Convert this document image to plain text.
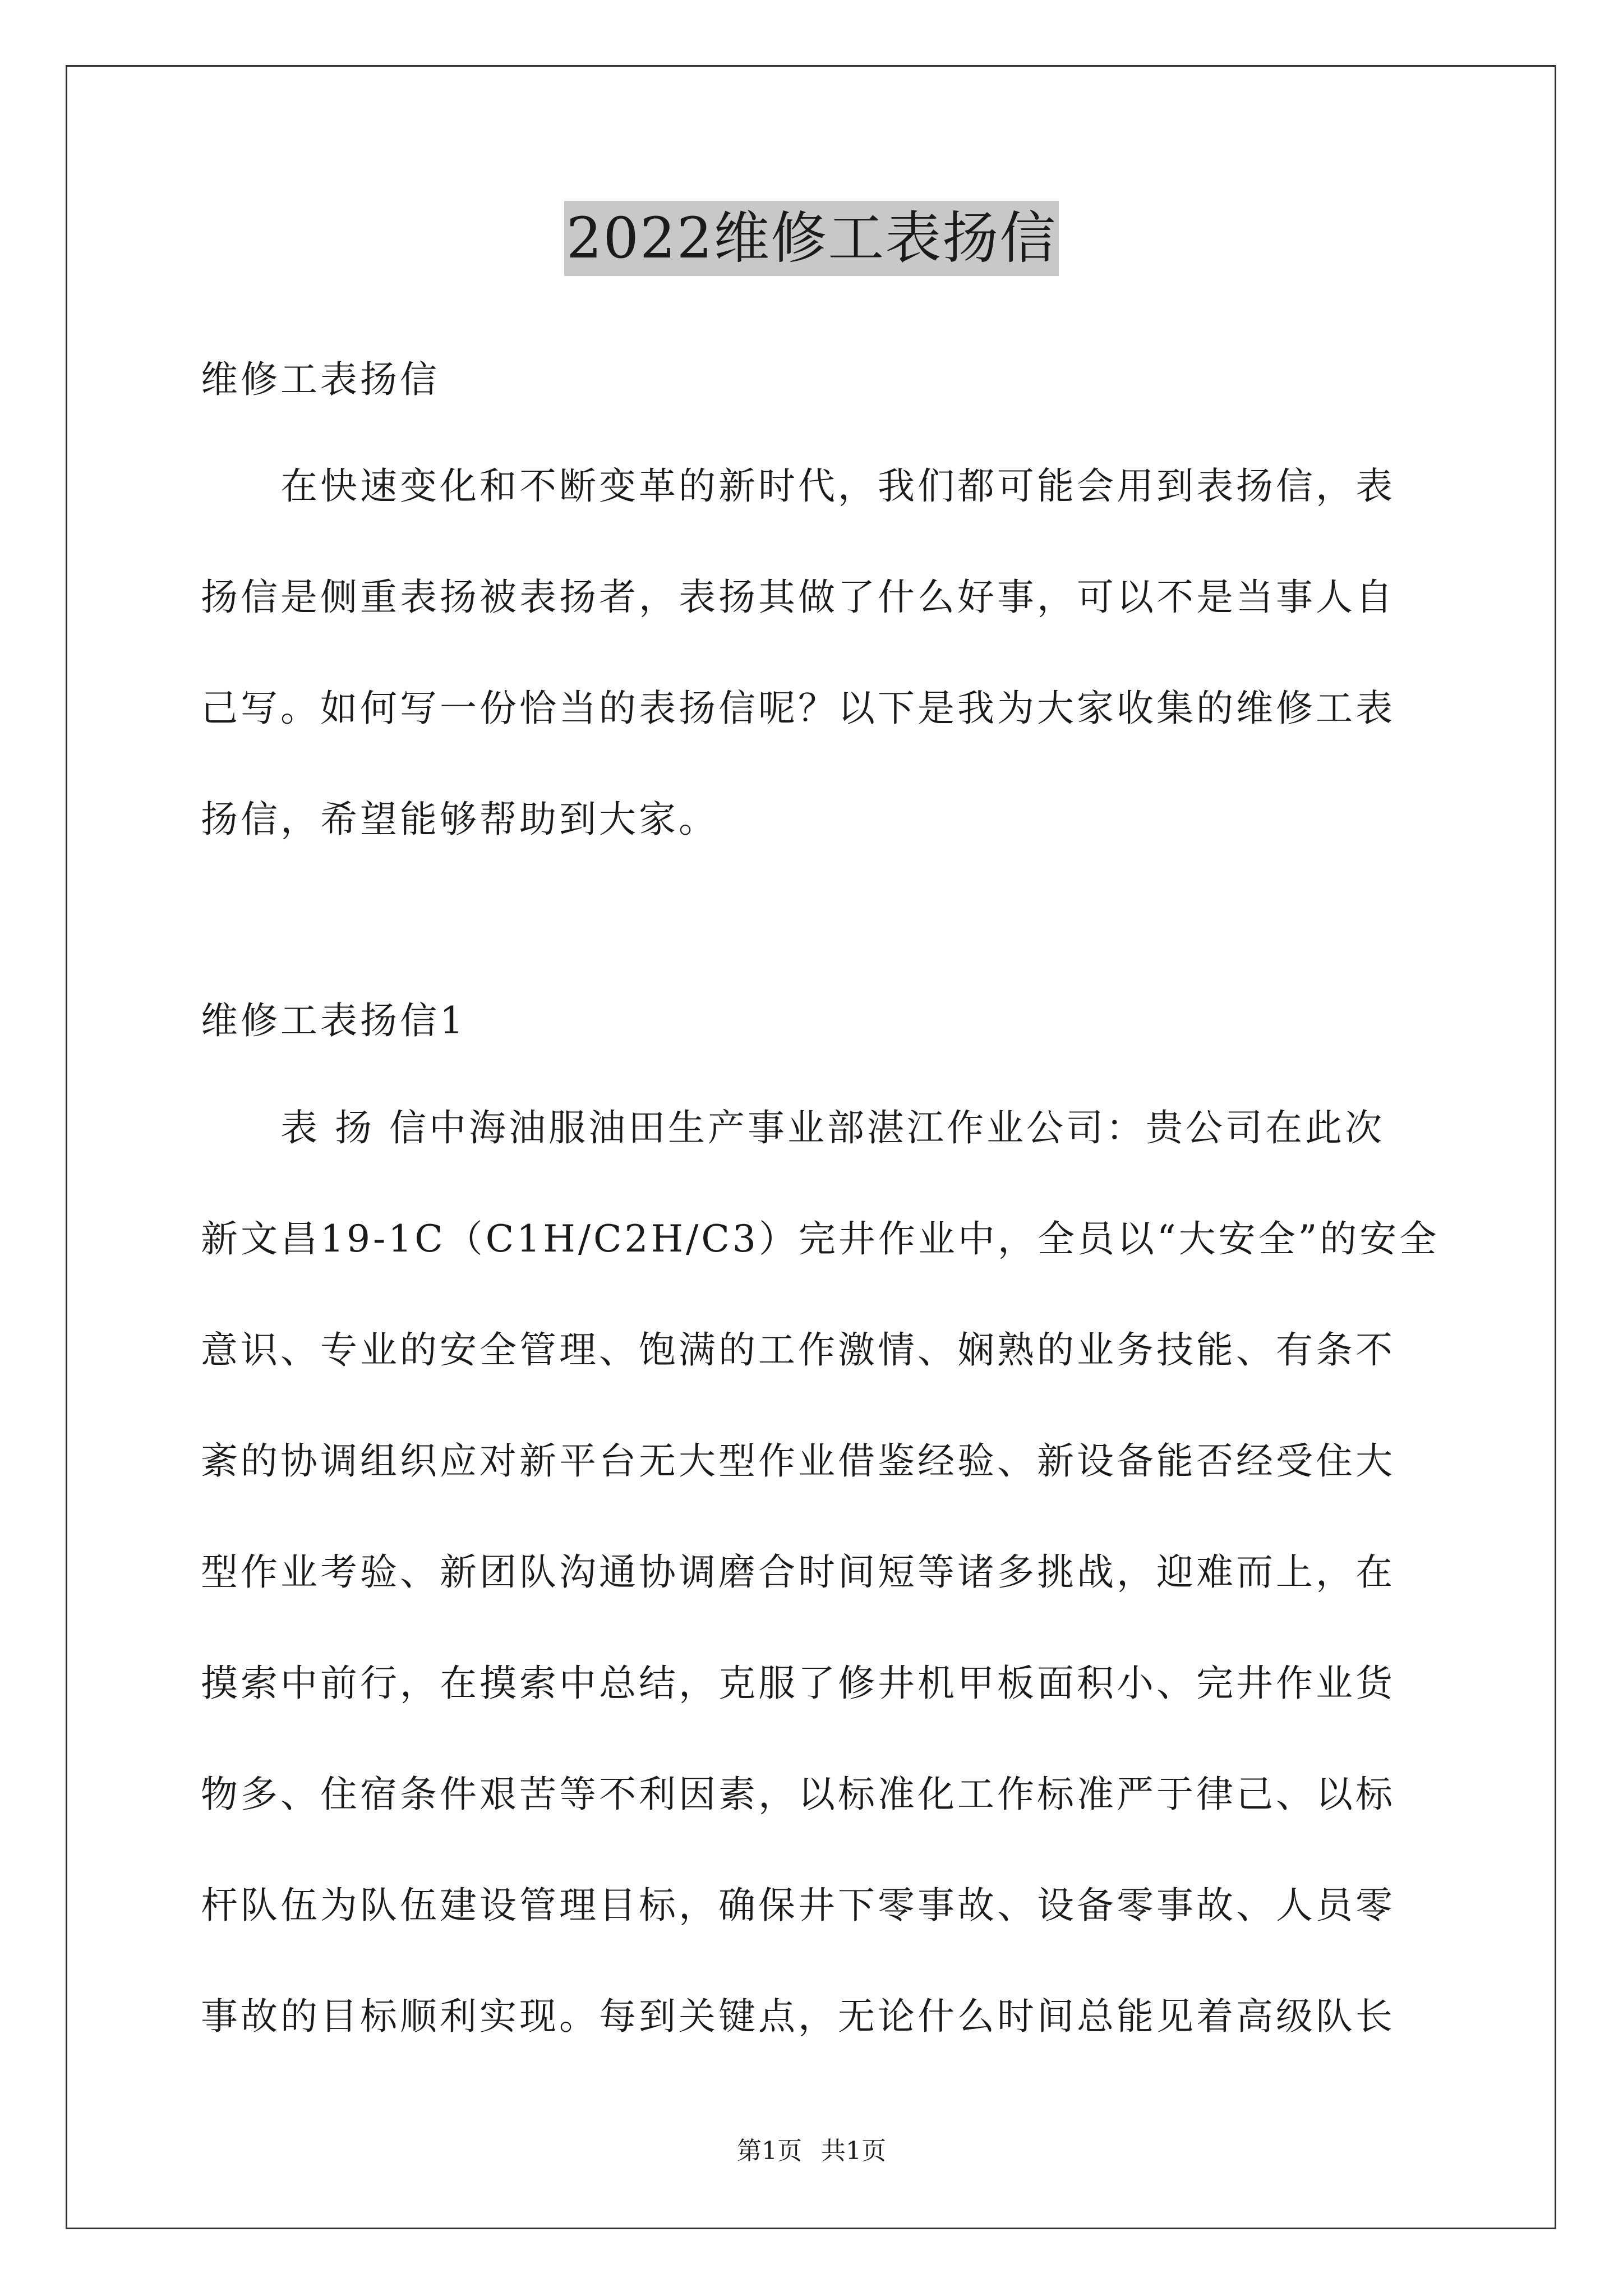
2022维修工表扬信
维修工表扬信
　　在快速变化和不断变革的新时代，我们都可能会用到表扬信，表
扬信是侧重表扬被表扬者，表扬其做了什么好事，可以不是当事人自
己写。如何写一份恰当的表扬信呢？以下是我为大家收集的维修工表
扬信，希望能够帮助到大家。
维修工表扬信1
　　表 扬 信中海油服油田生产事业部湛江作业公司：贵公司在此次
新文昌19-1C（C1H/C2H/C3）完井作业中，全员以“大安全”的安全
意识、专业的安全管理、饱满的工作激情、娴熟的业务技能、有条不
紊的协调组织应对新平台无大型作业借鉴经验、新设备能否经受住大
型作业考验、新团队沟通协调磨合时间短等诸多挑战，迎难而上，在
摸索中前行，在摸索中总结，克服了修井机甲板面积小、完井作业货
物多、住宿条件艰苦等不利因素，以标准化工作标准严于律己、以标
杆队伍为队伍建设管理目标，确保井下零事故、设备零事故、人员零
事故的目标顺利实现。每到关键点，无论什么时间总能见着高级队长
第1页 共1页
